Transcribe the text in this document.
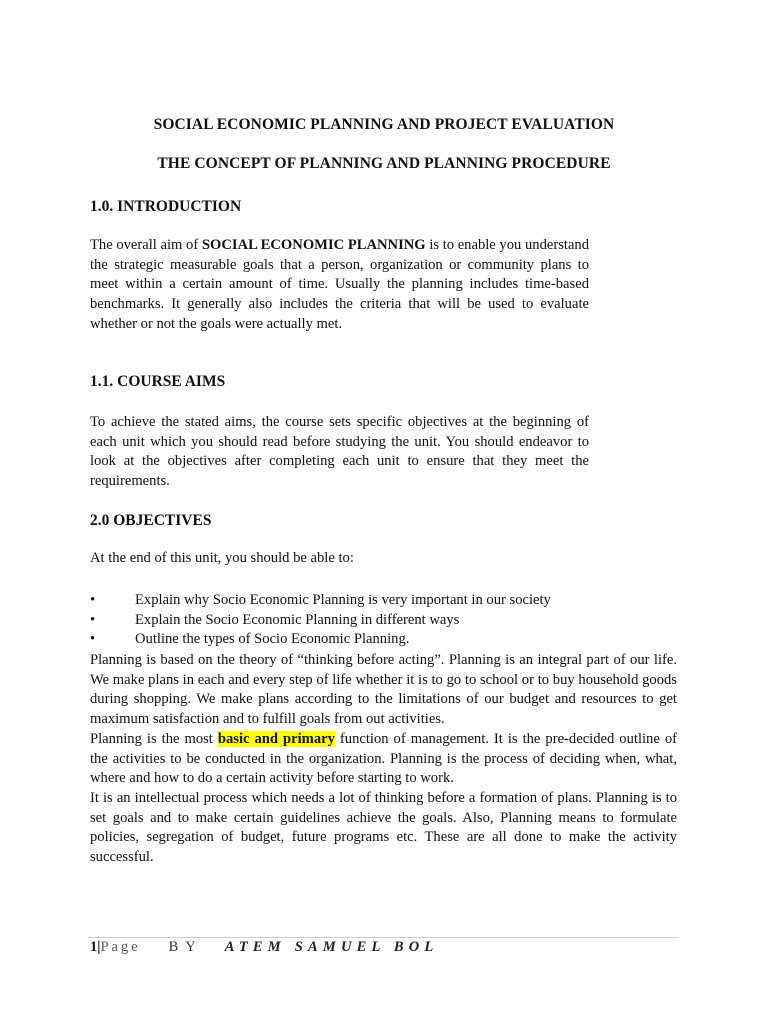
SOCIAL ECONOMIC PLANNING AND PROJECT EVALUATION
THE CONCEPT OF PLANNING AND PLANNING PROCEDURE
1.0. INTRODUCTION

The overall aim of SOCIAL ECONOMIC PLANNING is to enable you understand the strategic measurable goals that a person, organization or community plans to meet within a certain amount of time. Usually the planning includes time-based benchmarks. It generally also includes the criteria that will be used to evaluate whether or not the goals were actually met.

1.1. COURSE AIMS

To achieve the stated aims, the course sets specific objectives at the beginning of each unit which you should read before studying the unit. You should endeavor to look at the objectives after completing each unit to ensure that they meet the requirements.

2.0 OBJECTIVES

At the end of this unit, you should be able to:

•	Explain why Socio Economic Planning is very important in our society
•	Explain the Socio Economic Planning in different ways
•	Outline the types of Socio Economic Planning.

Planning is based on the theory of “thinking before acting”. Planning is an integral part of our life. We make plans in each and every step of life whether it is to go to school or to buy household goods during shopping. We make plans according to the limitations of our budget and resources to get maximum satisfaction and to fulfill goals from out activities.

Planning is the most basic and primary function of management. It is the pre-decided outline of the activities to be conducted in the organization. Planning is the process of deciding when, what, where and how to do a certain activity before starting to work.

It is an intellectual process which needs a lot of thinking before a formation of plans. Planning is to set goals and to make certain guidelines achieve the goals. Also, Planning means to formulate policies, segregation of budget, future programs etc. These are all done to make the activity successful.

1|Page BY ATEM SAMUEL BOL
